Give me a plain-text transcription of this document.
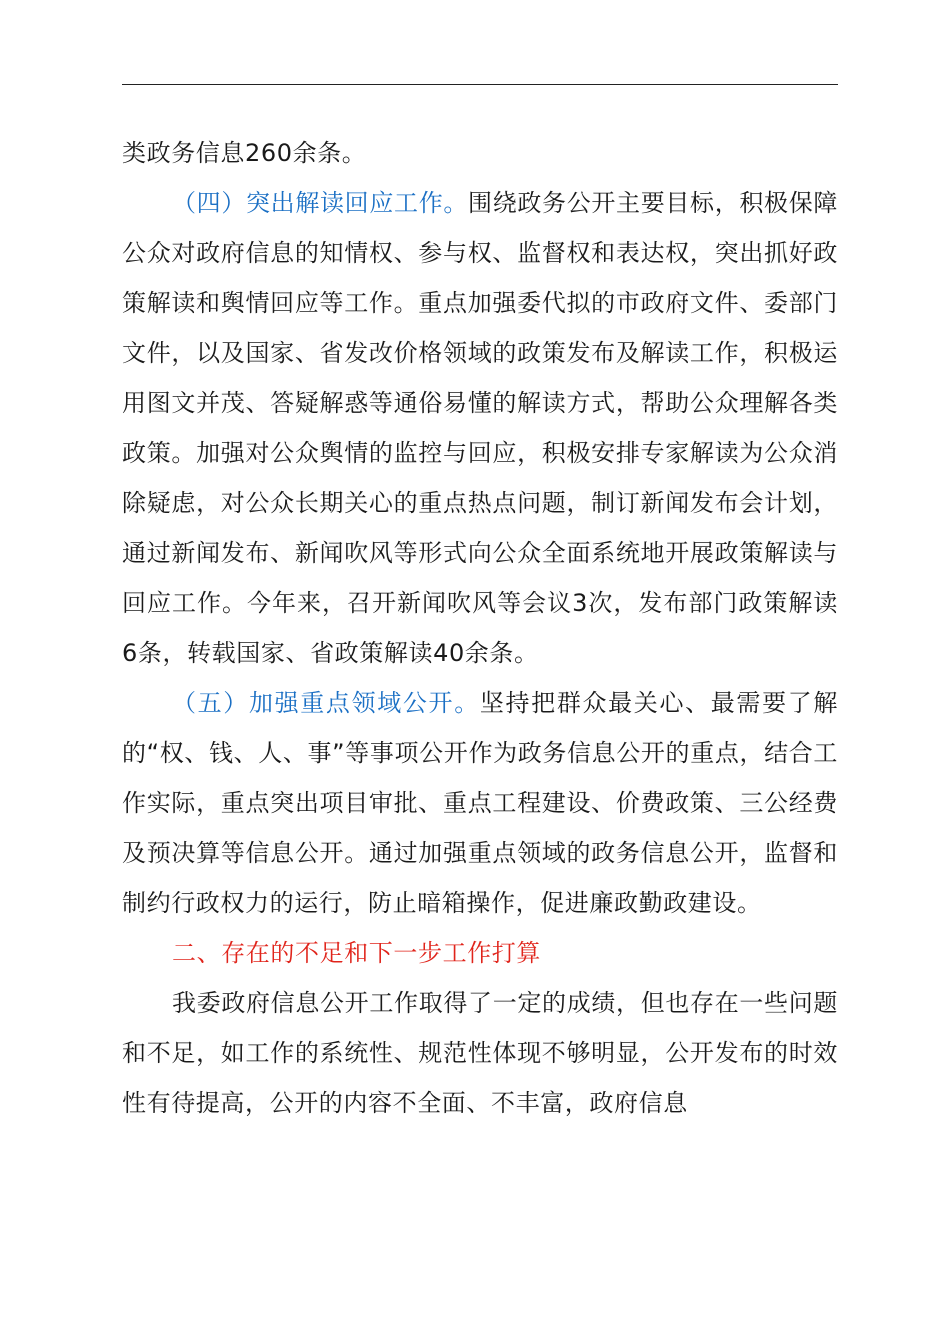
类政务信息260余条。

（四）突出解读回应工作。围绕政务公开主要目标，积极保障公众对政府信息的知情权、参与权、监督权和表达权，突出抓好政策解读和舆情回应等工作。重点加强委代拟的市政府文件、委部门文件，以及国家、省发改价格领域的政策发布及解读工作，积极运用图文并茂、答疑解惑等通俗易懂的解读方式，帮助公众理解各类政策。加强对公众舆情的监控与回应，积极安排专家解读为公众消除疑虑，对公众长期关心的重点热点问题，制订新闻发布会计划，通过新闻发布、新闻吹风等形式向公众全面系统地开展政策解读与回应工作。今年来，召开新闻吹风等会议3次，发布部门政策解读6条，转载国家、省政策解读40余条。

（五）加强重点领域公开。坚持把群众最关心、最需要了解的“权、钱、人、事”等事项公开作为政务信息公开的重点，结合工作实际，重点突出项目审批、重点工程建设、价费政策、三公经费及预决算等信息公开。通过加强重点领域的政务信息公开，监督和制约行政权力的运行，防止暗箱操作，促进廉政勤政建设。

二、存在的不足和下一步工作打算

我委政府信息公开工作取得了一定的成绩，但也存在一些问题和不足，如工作的系统性、规范性体现不够明显，公开发布的时效性有待提高，公开的内容不全面、不丰富，政府信息
